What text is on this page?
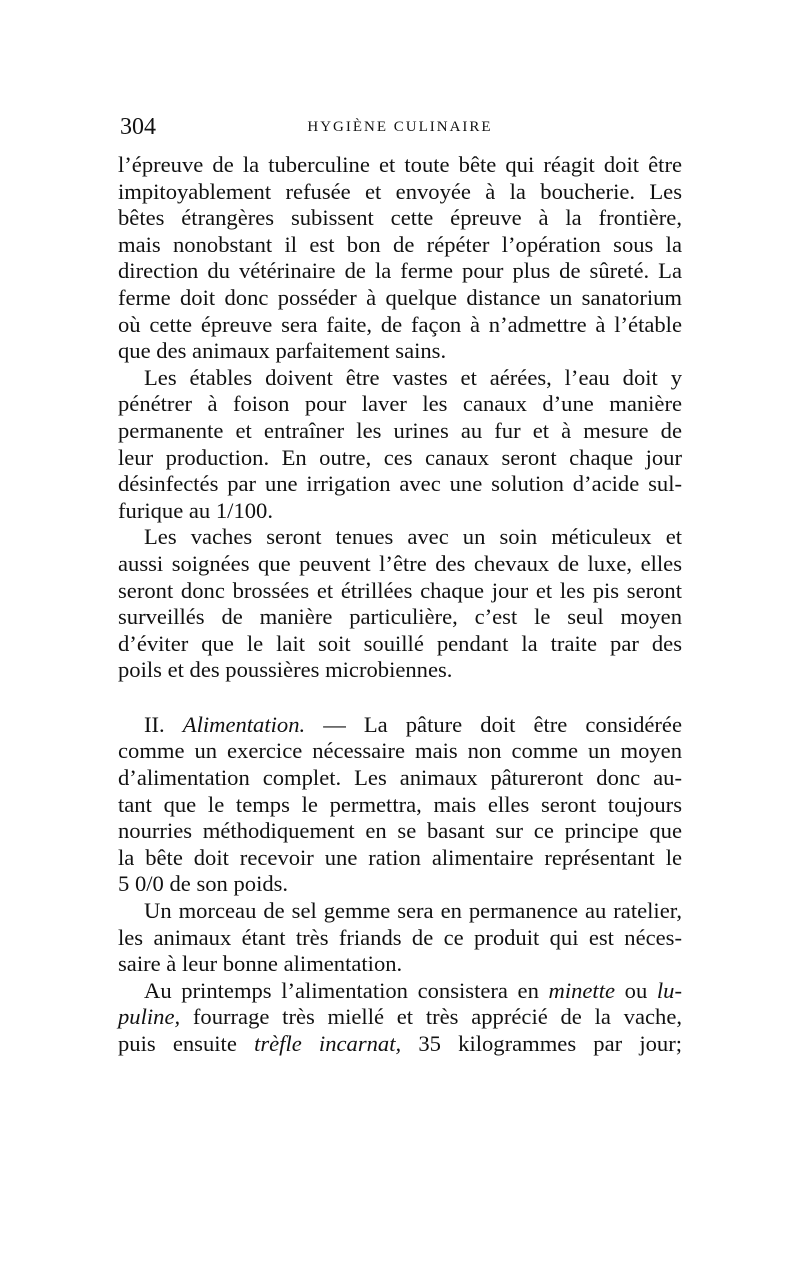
304	HYGIÈNE CULINAIRE
l’épreuve de la tuberculine et toute bête qui réagit doit être
impitoyablement refusée et envoyée à la boucherie. Les
bêtes étrangères subissent cette épreuve à la frontière,
mais nonobstant il est bon de répéter l’opération sous la
direction du vétérinaire de la ferme pour plus de sûreté. La
ferme doit donc posséder à quelque distance un sanatorium
où cette épreuve sera faite, de façon à n’admettre à l’étable
que des animaux parfaitement sains.
Les étables doivent être vastes et aérées, l’eau doit y
pénétrer à foison pour laver les canaux d’une manière
permanente et entraîner les urines au fur et à mesure de
leur production. En outre, ces canaux seront chaque jour
désinfectés par une irrigation avec une solution d’acide sul-
furique au 1/100.
Les vaches seront tenues avec un soin méticuleux et
aussi soignées que peuvent l’être des chevaux de luxe, elles
seront donc brossées et étrillées chaque jour et les pis seront
surveillés de manière particulière, c’est le seul moyen
d’éviter que le lait soit souillé pendant la traite par des
poils et des poussières microbiennes.
II. Alimentation. — La pâture doit être considérée
comme un exercice nécessaire mais non comme un moyen
d’alimentation complet. Les animaux pâtureront donc au-
tant que le temps le permettra, mais elles seront toujours
nourries méthodiquement en se basant sur ce principe que
la bête doit recevoir une ration alimentaire représentant le
5 0/0 de son poids.
Un morceau de sel gemme sera en permanence au ratelier,
les animaux étant très friands de ce produit qui est néces-
saire à leur bonne alimentation.
Au printemps l’alimentation consistera en minette ou lu-
puline, fourrage très miellé et très apprécié de la vache,
puis ensuite trèfle incarnat, 35 kilogrammes par jour;
